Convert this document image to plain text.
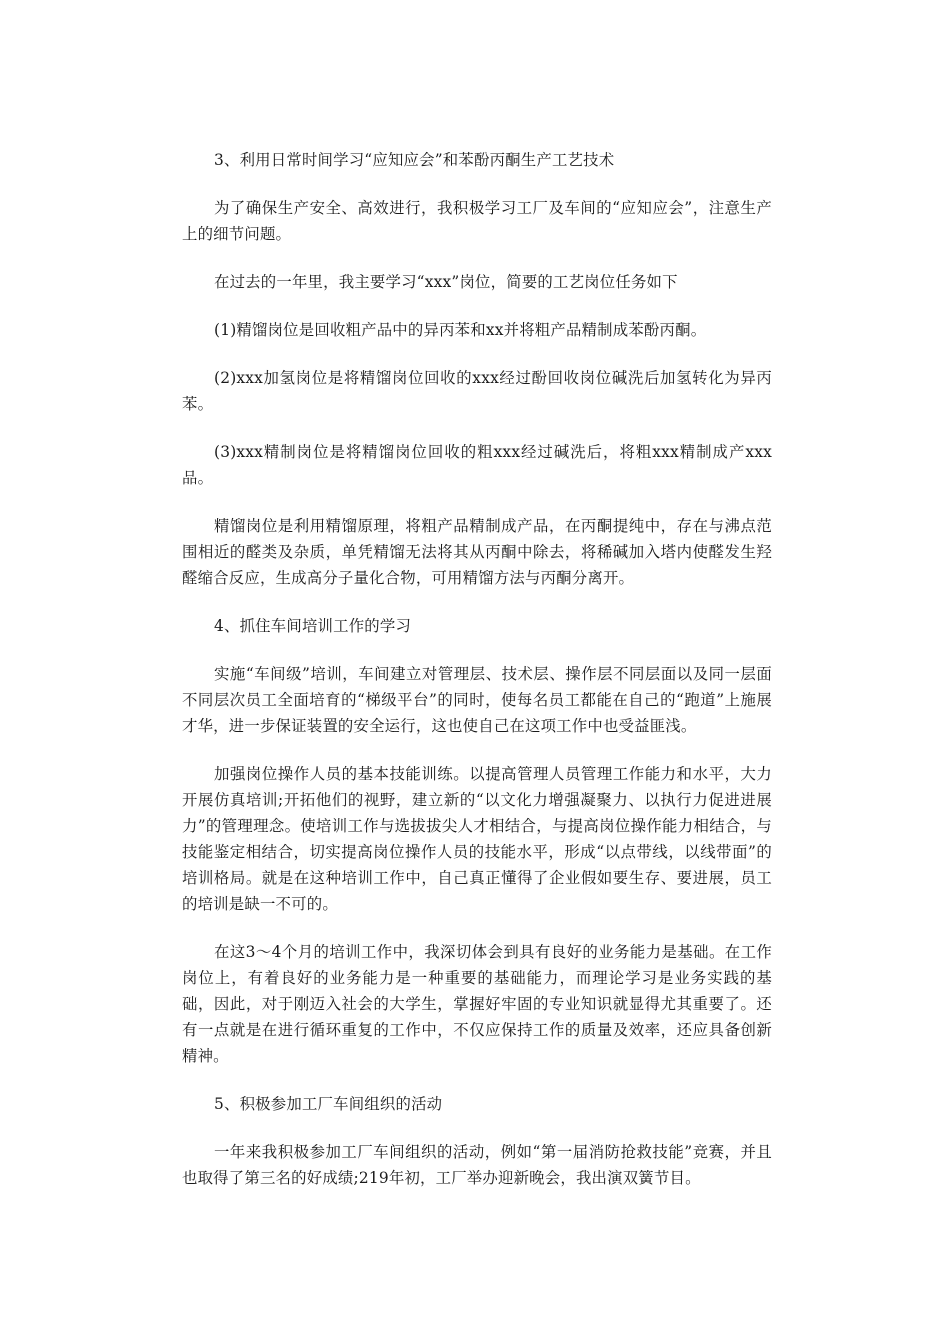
3、利用日常时间学习“应知应会”和苯酚丙酮生产工艺技术

为了确保生产安全、高效进行，我积极学习工厂及车间的“应知应会”，注意生产上的细节问题。

在过去的一年里，我主要学习“xxx”岗位，简要的工艺岗位任务如下

(1)精馏岗位是回收粗产品中的异丙苯和xx并将粗产品精制成苯酚丙酮。

(2)xxx加氢岗位是将精馏岗位回收的xxx经过酚回收岗位碱洗后加氢转化为异丙苯。

(3)xxx精制岗位是将精馏岗位回收的粗xxx经过碱洗后，将粗xxx精制成产xxx品。

精馏岗位是利用精馏原理，将粗产品精制成产品，在丙酮提纯中，存在与沸点范围相近的醛类及杂质，单凭精馏无法将其从丙酮中除去，将稀碱加入塔内使醛发生羟醛缩合反应，生成高分子量化合物，可用精馏方法与丙酮分离开。

4、抓住车间培训工作的学习

实施“车间级”培训，车间建立对管理层、技术层、操作层不同层面以及同一层面不同层次员工全面培育的“梯级平台”的同时，使每名员工都能在自己的“跑道”上施展才华，进一步保证装置的安全运行，这也使自己在这项工作中也受益匪浅。

加强岗位操作人员的基本技能训练。以提高管理人员管理工作能力和水平，大力开展仿真培训;开拓他们的视野，建立新的“以文化力增强凝聚力、以执行力促进进展力”的管理理念。使培训工作与选拔拔尖人才相结合，与提高岗位操作能力相结合，与技能鉴定相结合，切实提高岗位操作人员的技能水平，形成“以点带线，以线带面”的培训格局。就是在这种培训工作中，自己真正懂得了企业假如要生存、要进展，员工的培训是缺一不可的。

在这3～4个月的培训工作中，我深切体会到具有良好的业务能力是基础。在工作岗位上，有着良好的业务能力是一种重要的基础能力，而理论学习是业务实践的基础，因此，对于刚迈入社会的大学生，掌握好牢固的专业知识就显得尤其重要了。还有一点就是在进行循环重复的工作中，不仅应保持工作的质量及效率，还应具备创新精神。

5、积极参加工厂车间组织的活动

一年来我积极参加工厂车间组织的活动，例如“第一届消防抢救技能”竞赛，并且也取得了第三名的好成绩;219年初，工厂举办迎新晚会，我出演双簧节目。
